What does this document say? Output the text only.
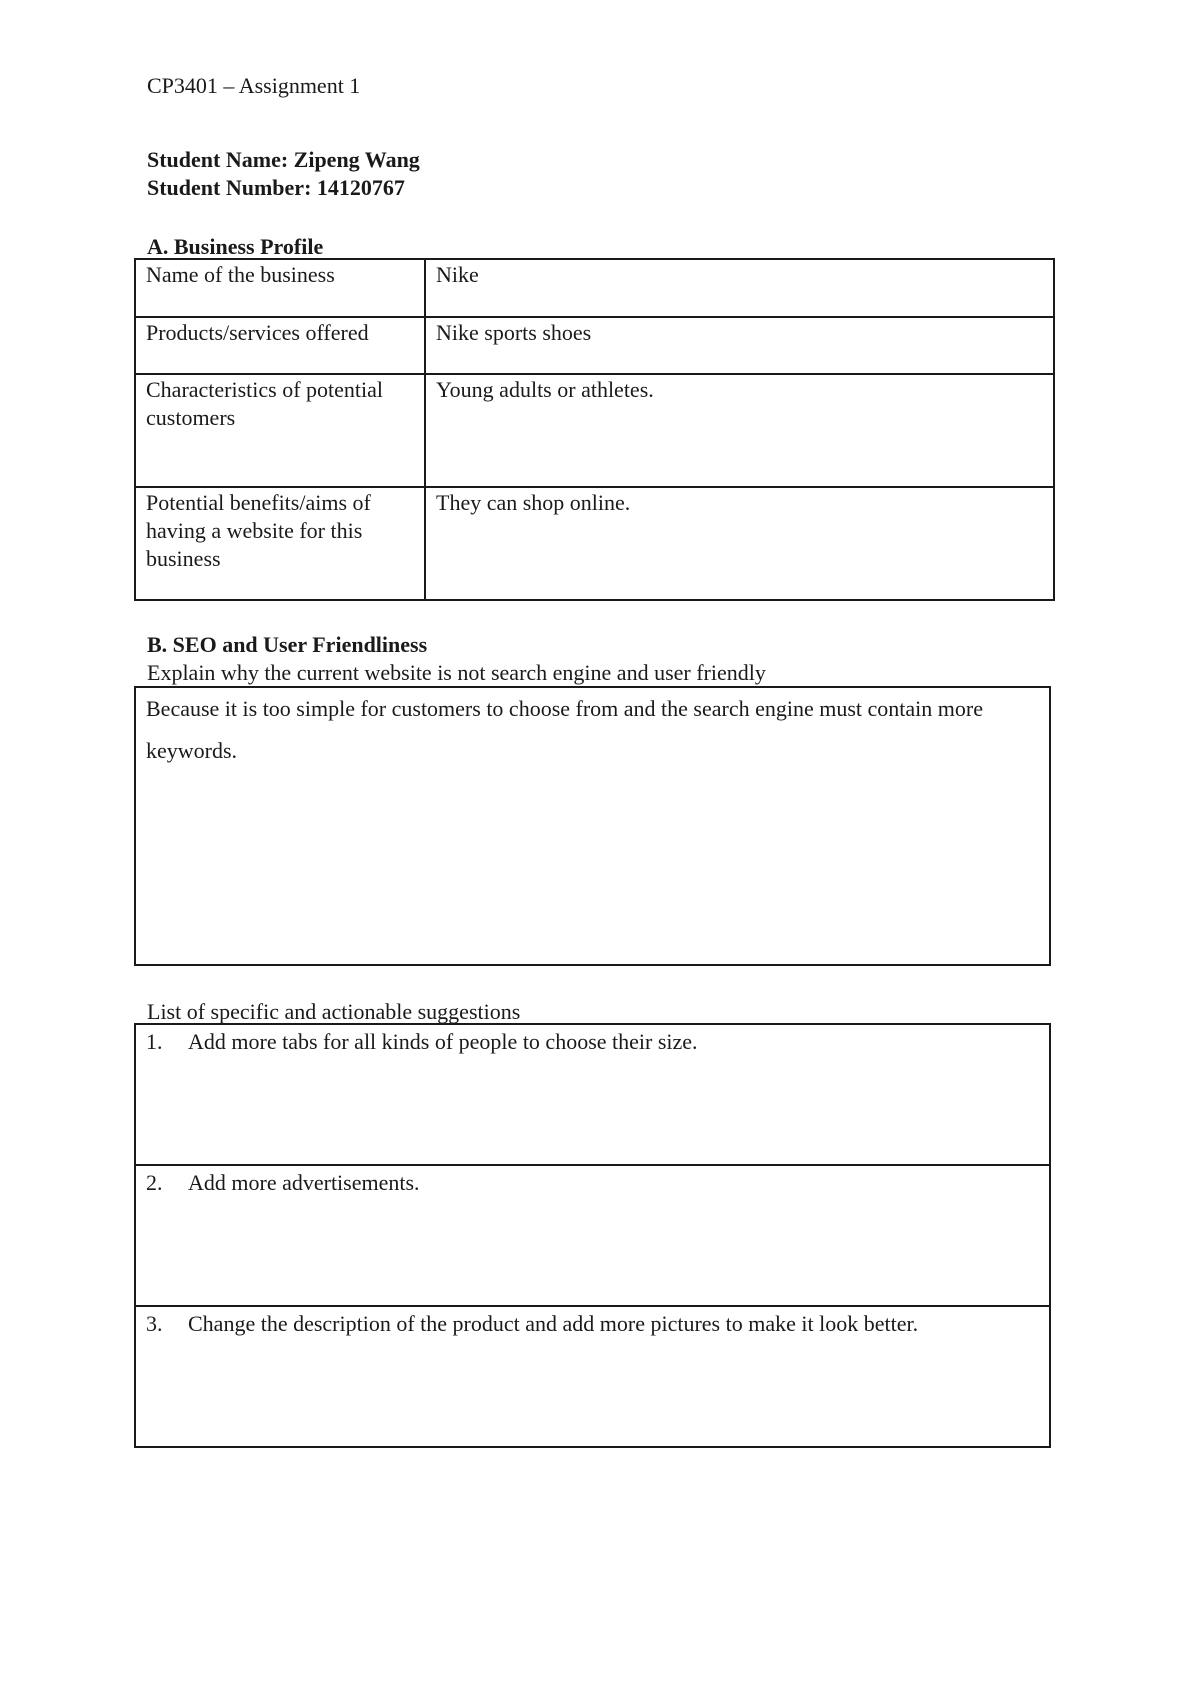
CP3401 – Assignment 1
Student Name: Zipeng Wang
Student Number: 14120767
A. Business Profile
Name of the business	Nike
Products/services offered	Nike sports shoes
Characteristics of potential customers	Young adults or athletes.
Potential benefits/aims of having a website for this business	They can shop online.
B. SEO and User Friendliness
Explain why the current website is not search engine and user friendly
Because it is too simple for customers to choose from and the search engine must contain more keywords.
List of specific and actionable suggestions
1.	Add more tabs for all kinds of people to choose their size.
2.	Add more advertisements.
3.	Change the description of the product and add more pictures to make it look better.
